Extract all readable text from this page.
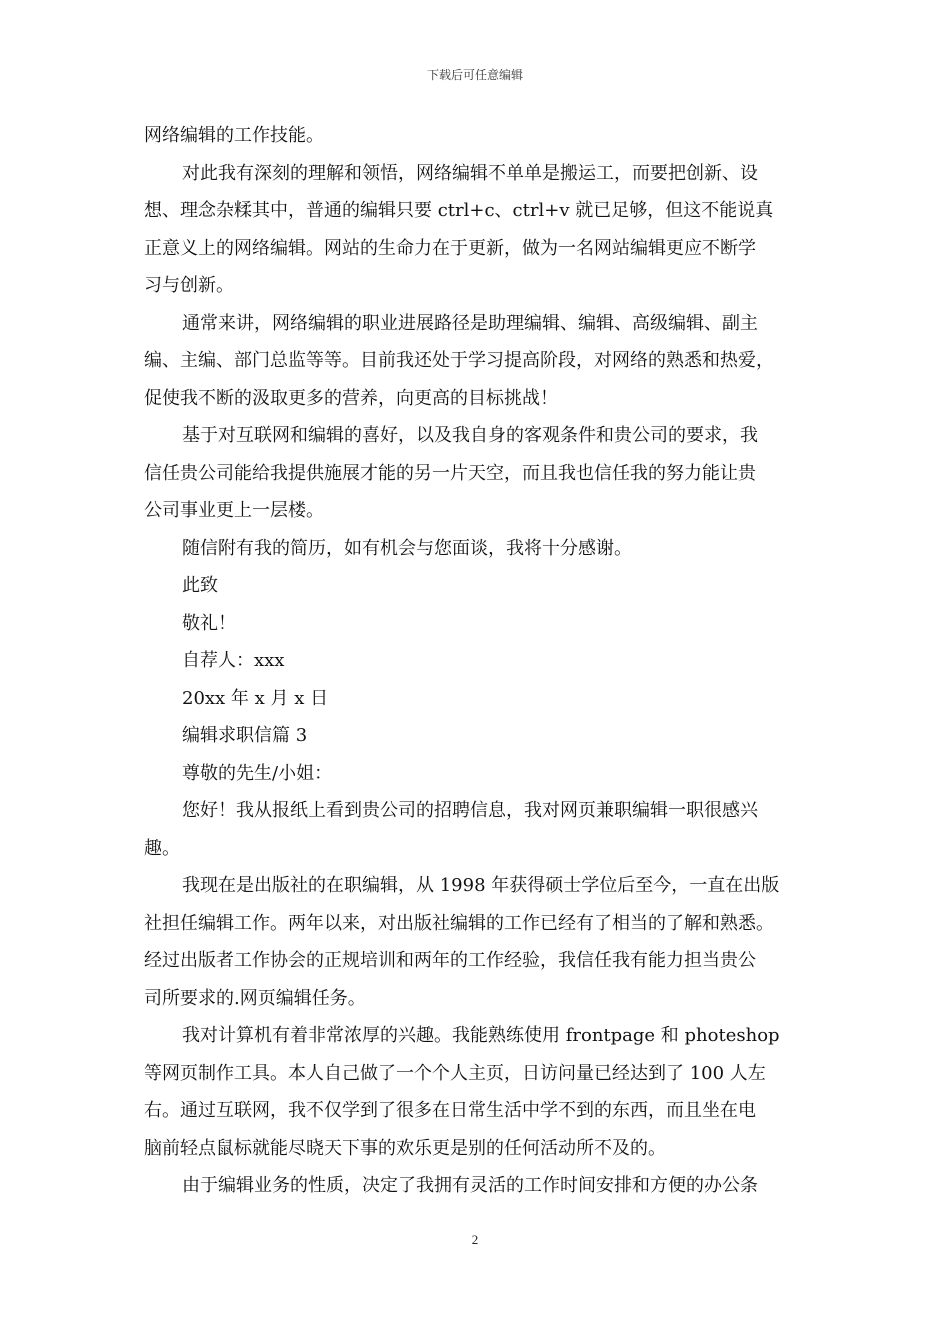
下载后可任意编辑
网络编辑的工作技能。
对此我有深刻的理解和领悟，网络编辑不单单是搬运工，而要把创新、设
想、理念杂糅其中，普通的编辑只要 ctrl+c、ctrl+v 就已足够，但这不能说真
正意义上的网络编辑。网站的生命力在于更新，做为一名网站编辑更应不断学
习与创新。
通常来讲，网络编辑的职业进展路径是助理编辑、编辑、高级编辑、副主
编、主编、部门总监等等。目前我还处于学习提高阶段，对网络的熟悉和热爱，
促使我不断的汲取更多的营养，向更高的目标挑战！
基于对互联网和编辑的喜好，以及我自身的客观条件和贵公司的要求，我
信任贵公司能给我提供施展才能的另一片天空，而且我也信任我的努力能让贵
公司事业更上一层楼。
随信附有我的简历，如有机会与您面谈，我将十分感谢。
此致
敬礼！
自荐人：xxx
20xx 年 x 月 x 日
编辑求职信篇 3
尊敬的先生/小姐：
您好！我从报纸上看到贵公司的招聘信息，我对网页兼职编辑一职很感兴
趣。
我现在是出版社的在职编辑，从 1998 年获得硕士学位后至今，一直在出版
社担任编辑工作。两年以来，对出版社编辑的工作已经有了相当的了解和熟悉。
经过出版者工作协会的正规培训和两年的工作经验，我信任我有能力担当贵公
司所要求的.网页编辑任务。
我对计算机有着非常浓厚的兴趣。我能熟练使用 frontpage 和 photeshop
等网页制作工具。本人自己做了一个个人主页，日访问量已经达到了 100 人左
右。通过互联网，我不仅学到了很多在日常生活中学不到的东西，而且坐在电
脑前轻点鼠标就能尽晓天下事的欢乐更是别的任何活动所不及的。
由于编辑业务的性质，决定了我拥有灵活的工作时间安排和方便的办公条
2
